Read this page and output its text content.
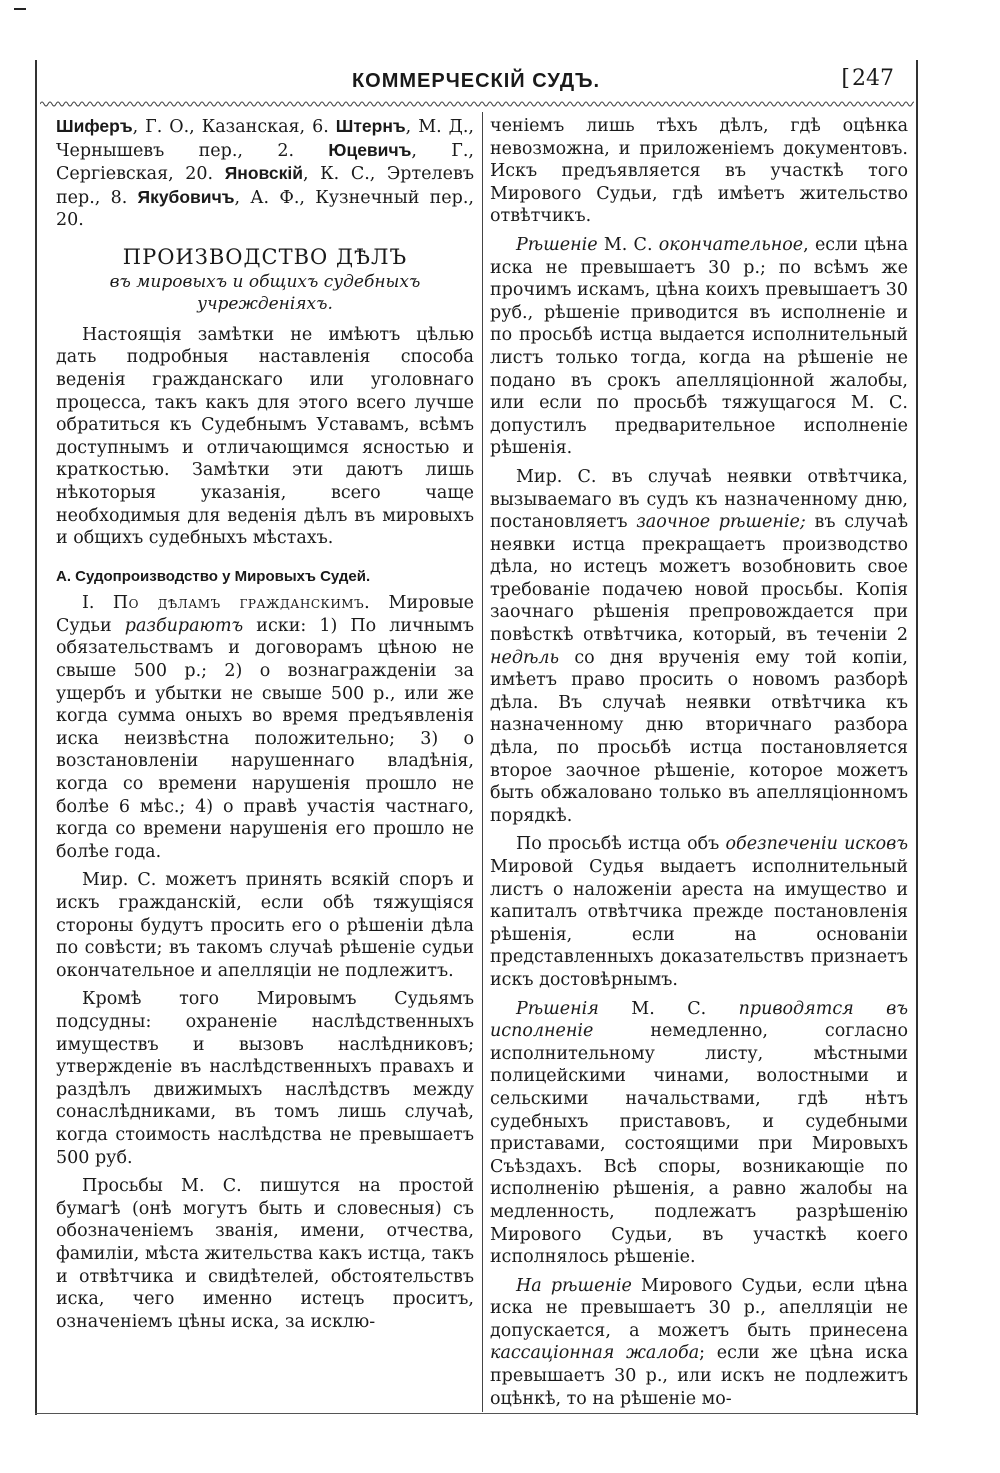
КОММЕРЧЕСКІЙ СУДЪ.
[	247

Шиферъ, Г. О., Казанская, 6. Штернъ, М. Д., Чернышевъ пер., 2. Юцевичъ, Г., Сергіевская, 20. Яновскій, К. С., Эртелевъ пер., 8. Якубовичъ, А. Ф., Кузнечный пер., 20.

ПРОИЗВОДСТВО ДѢЛЪ
въ мировыхъ и общихъ судебныхъ учрежденіяхъ.

Настоящія замѣтки не имѣютъ цѣлью дать подробныя наставленія способа веденія гражданскаго или уголовнаго процесса, такъ какъ для этого всего лучше обратиться къ Судебнымъ Уставамъ, всѣмъ доступнымъ и отличающимся ясностью и краткостью. Замѣтки эти даютъ лишь нѣкоторыя указанія, всего чаще необходимыя для веденія дѣлъ въ мировыхъ и общихъ судебныхъ мѣстахъ.

А. Судопроизводство у Мировыхъ Судей.

I. По дѣламъ гражданскимъ. Мировые Судьи разбираютъ иски: 1) По личнымъ обязательствамъ и договорамъ цѣною не свыше 500 р.; 2) о вознагражденіи за ущербъ и убытки не свыше 500 р., или же когда сумма оныхъ во время предъявленія иска неизвѣстна положительно; 3) о возстановленіи нарушеннаго владѣнія, когда со времени нарушенія прошло не болѣе 6 мѣс.; 4) о правѣ участія частнаго, когда со времени нарушенія его прошло не болѣе года.

Мир. С. можетъ принять всякій споръ и искъ гражданскій, если обѣ тяжущіяся стороны будутъ просить его о рѣшеніи дѣла по совѣсти; въ такомъ случаѣ рѣшеніе судьи окончательное и апелляціи не подлежитъ.

Кромѣ того Мировымъ Судьямъ подсудны: охраненіе наслѣдственныхъ имуществъ и вызовъ наслѣдниковъ; утвержденіе въ наслѣдственныхъ правахъ и раздѣлъ движимыхъ наслѣдствъ между сонаслѣдниками, въ томъ лишь случаѣ, когда стоимость наслѣдства не превышаетъ 500 руб.

Просьбы М. С. пишутся на простой бумагѣ (онѣ могутъ быть и словесныя) съ обозначеніемъ званія, имени, отчества, фамиліи, мѣста жительства какъ истца, такъ и отвѣтчика и свидѣтелей, обстоятельствъ иска, чего именно истецъ проситъ, означеніемъ цѣны иска, за исклю-

ченіемъ лишь тѣхъ дѣлъ, гдѣ оцѣнка невозможна, и приложеніемъ документовъ. Искъ предъявляется въ участкѣ того Мирового Судьи, гдѣ имѣетъ жительство отвѣтчикъ.

Рѣшеніе М. С. окончательное, если цѣна иска не превышаетъ 30 р.; по всѣмъ же прочимъ искамъ, цѣна коихъ превышаетъ 30 руб., рѣшеніе приводится въ исполненіе и по просьбѣ истца выдается исполнительный листъ только тогда, когда на рѣшеніе не подано въ срокъ апелляціонной жалобы, или если по просьбѣ тяжущагося М. С. допустилъ предварительное исполненіе рѣшенія.

Мир. С. въ случаѣ неявки отвѣтчика, вызываемаго въ судъ къ назначенному дню, постановляетъ заочное рѣшеніе; въ случаѣ неявки истца прекращаетъ производство дѣла, но истецъ можетъ возобновить свое требованіе подачею новой просьбы. Копія заочнаго рѣшенія препровождается при повѣсткѣ отвѣтчика, который, въ теченіи 2 недѣль со дня врученія ему той копіи, имѣетъ право просить о новомъ разборѣ дѣла. Въ случаѣ неявки отвѣтчика къ назначенному дню вторичнаго разбора дѣла, по просьбѣ истца постановляется второе заочное рѣшеніе, которое можетъ быть обжаловано только въ апелляціонномъ порядкѣ.

По просьбѣ истца объ обезпеченіи исковъ Мировой Судья выдаетъ исполнительный листъ о наложеніи ареста на имущество и капиталъ отвѣтчика прежде постановленія рѣшенія, если на основаніи представленныхъ доказательствъ признаетъ искъ достовѣрнымъ.

Рѣшенія М. С. приводятся въ исполненіе немедленно, согласно исполнительному листу, мѣстными полицейскими чинами, волостными и сельскими начальствами, гдѣ нѣтъ судебныхъ приставовъ, и судебными приставами, состоящими при Мировыхъ Съѣздахъ. Всѣ споры, возникающіе по исполненію рѣшенія, а равно жалобы на медленность, подлежатъ разрѣшенію Мирового Судьи, въ участкѣ коего исполнялось рѣшеніе.

На рѣшеніе Мирового Судьи, если цѣна иска не превышаетъ 30 р., апелляціи не допускается, а можетъ быть принесена кассаціонная жалоба; если же цѣна иска превышаетъ 30 р., или искъ не подлежитъ оцѣнкѣ, то на рѣшеніе мо-
